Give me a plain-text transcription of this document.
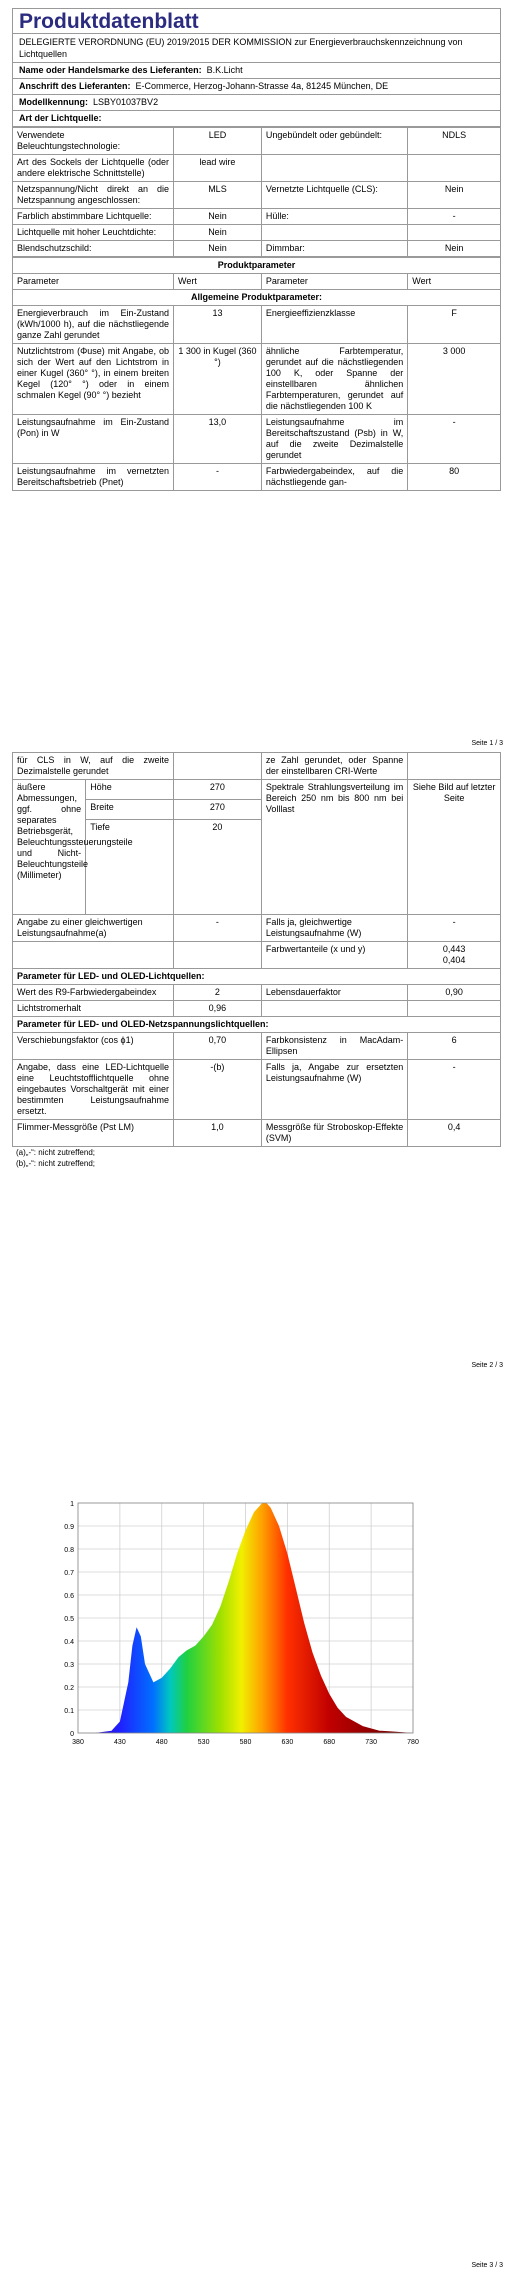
Produktdatenblatt
DELEGIERTE VERORDNUNG (EU) 2019/2015 DER KOMMISSION zur Energieverbrauchskennzeichnung von Lichtquellen
Name oder Handelsmarke des Lieferanten: B.K.Licht
Anschrift des Lieferanten: E-Commerce, Herzog-Johann-Strasse 4a, 81245 München, DE
Modellkennung: LSBY01037BV2
Art der Lichtquelle:
Verwendete Beleuchtungstechnologie:	LED	Ungebündelt oder gebündelt:	NDLS
Art des Sockels der Lichtquelle (oder andere elektrische Schnittstelle)	lead wire		
Netzspannung/Nicht direkt an die Netzspannung angeschlossen:	MLS	Vernetzte Lichtquelle (CLS):	Nein
Farblich abstimmbare Lichtquelle:	Nein	Hülle:	-
Lichtquelle mit hoher Leuchtdichte:	Nein		
Blendschutzschild:	Nein	Dimmbar:	Nein
Produktparameter			
Parameter	Wert	Parameter	Wert
Allgemeine Produktparameter:			
Energieverbrauch im Ein-Zustand (kWh/1000 h), auf die nächstliegende ganze Zahl gerundet	13	Energieeffizienzklasse	F
Nutzlichtstrom (Φuse) mit Angabe, ob sich der Wert auf den Lichtstrom in einer Kugel (360° °), in einem breiten Kegel (120° °) oder in einem schmalen Kegel (90° °) bezieht	1 300 in Kugel (360 °)	ähnliche Farbtemperatur, gerundet auf die nächstliegenden 100 K, oder Spanne der einstellbaren ähnlichen Farbtemperaturen, gerundet auf die nächstliegenden 100 K	3 000
Leistungsaufnahme im Ein-Zustand (Pon) in W	13,0	Leistungsaufnahme im Bereitschaftszustand (Psb) in W, auf die zweite Dezimalstelle gerundet	-
Leistungsaufnahme im vernetzten Bereitschaftsbetrieb (Pnet)	-	Farbwiedergabeindex, auf die nächstliegende gan-	80
Seite 1 / 3
für CLS in W, auf die zweite Dezimalstelle gerundet			ze Zahl gerundet, oder Spanne der einstellbaren CRI-Werte	
äußere Abmessungen, ggf. ohne separates Betriebsgerät, Beleuchtungssteuerungsteile und Nicht-Beleuchtungsteile (Millimeter)	Höhe	270	Spektrale Strahlungsverteilung im Bereich 250 nm bis 800 nm bei Volllast	Siehe Bild auf letzter Seite
	Breite	270		
	Tiefe	20		
Angabe zu einer gleichwertigen Leistungsaufnahme(a)		-	Falls ja, gleichwertige Leistungsaufnahme (W)	-
			Farbwertanteile (x und y)	0,443
0,404

Parameter für LED- und OLED-Lichtquellen:				
Wert des R9-Farbwiedergabeindex		2	Lebensdauerfaktor	0,90
Lichtstromerhalt		0,96		
Parameter für LED- und OLED-Netzspannungslichtquellen:				
Verschiebungsfaktor (cos ϕ1)		0,70	Farbkonsistenz in MacAdam-Ellipsen	6
Angabe, dass eine LED-Lichtquelle eine Leuchtstofflichtquelle ohne eingebautes Vorschaltgerät mit einer bestimmten Leistungsaufnahme ersetzt.		-(b)	Falls ja, Angabe zur ersetzten Leistungsaufnahme (W)	-
Flimmer-Messgröße (Pst LM)		1,0	Messgröße für Stroboskop-Effekte (SVM)	0,4
(a)„-“: nicht zutreffend;
(b)„-“: nicht zutreffend;
Seite 2 / 3
0
0.1
0.2
0.3
0.4
0.5
0.6
0.7
0.8
0.9
1
380	430	480	530	580	630	680	730	780
Seite 3 / 3
